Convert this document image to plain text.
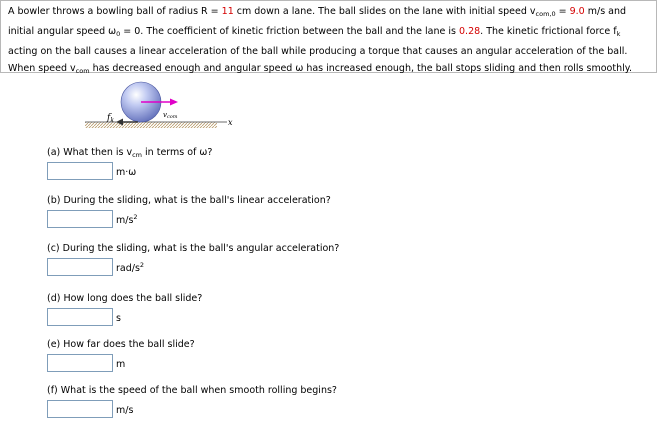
A bowler throws a bowling ball of radius R = 11 cm down a lane. The ball slides on the lane with initial speed $v_{com,0} = 9.0$ m/s and initial angular speed $\omega_0 = 0$. The coefficient of kinetic friction between the ball and the lane is 0.28. The kinetic frictional force $f_k$ acting on the ball causes a linear acceleration of the ball while producing a torque that causes an angular acceleration of the ball. When speed $v_{com}$ has decreased enough and angular speed ω has increased enough, the ball stops sliding and then rolls smoothly.
$f_k$
vcom
x
(a) What then is $v_{cm}$ in terms of ω?
m·ω
(b) During the sliding, what is the ball's linear acceleration?
$m/s^2$
(c) During the sliding, what is the ball's angular acceleration?
rad/$s^2$
(d) How long does the ball slide?
s
(e) How far does the ball slide?
m
(f) What is the speed of the ball when smooth rolling begins?
m/s
